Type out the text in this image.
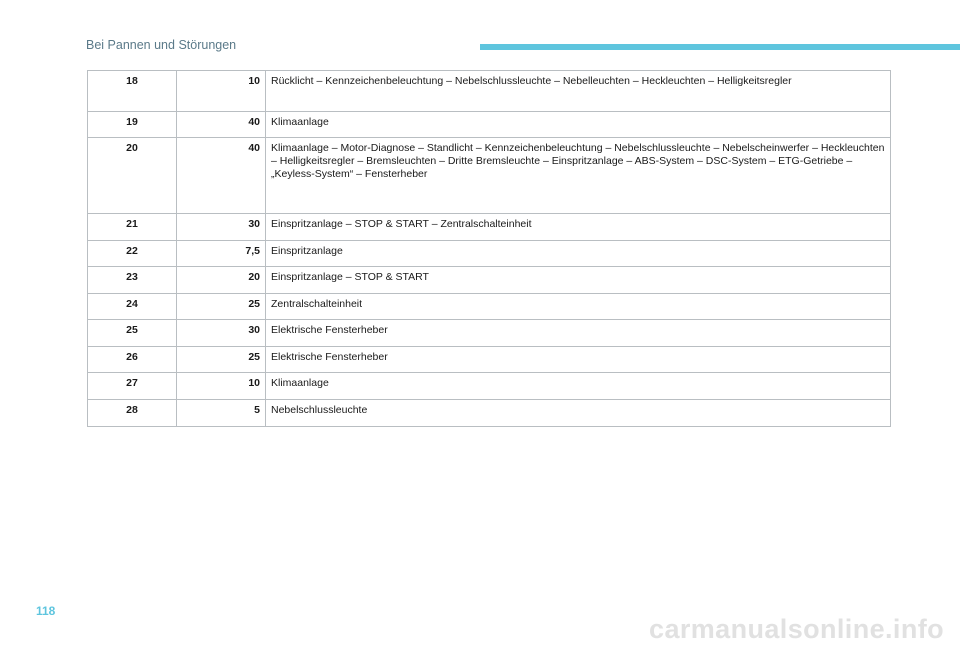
Bei Pannen und Störungen
18	10	Rücklicht – Kennzeichenbeleuchtung – Nebelschlussleuchte – Nebelleuchten – Heckleuchten – Helligkeitsregler
19	40	Klimaanlage
20	40	Klimaanlage – Motor-Diagnose – Standlicht – Kennzeichenbeleuchtung – Nebelschlussleuchte – Nebelscheinwerfer – Heckleuchten – Helligkeitsregler – Bremsleuchten – Dritte Bremsleuchte – Einspritzanlage – ABS-System – DSC-System – ETG-Getriebe – „Keyless-System“ – Fensterheber
21	30	Einspritzanlage – STOP & START – Zentralschalteinheit
22	7,5	Einspritzanlage
23	20	Einspritzanlage – STOP & START
24	25	Zentralschalteinheit
25	30	Elektrische Fensterheber
26	25	Elektrische Fensterheber
27	10	Klimaanlage
28	5	Nebelschlussleuchte
118
carmanualsonline.info
